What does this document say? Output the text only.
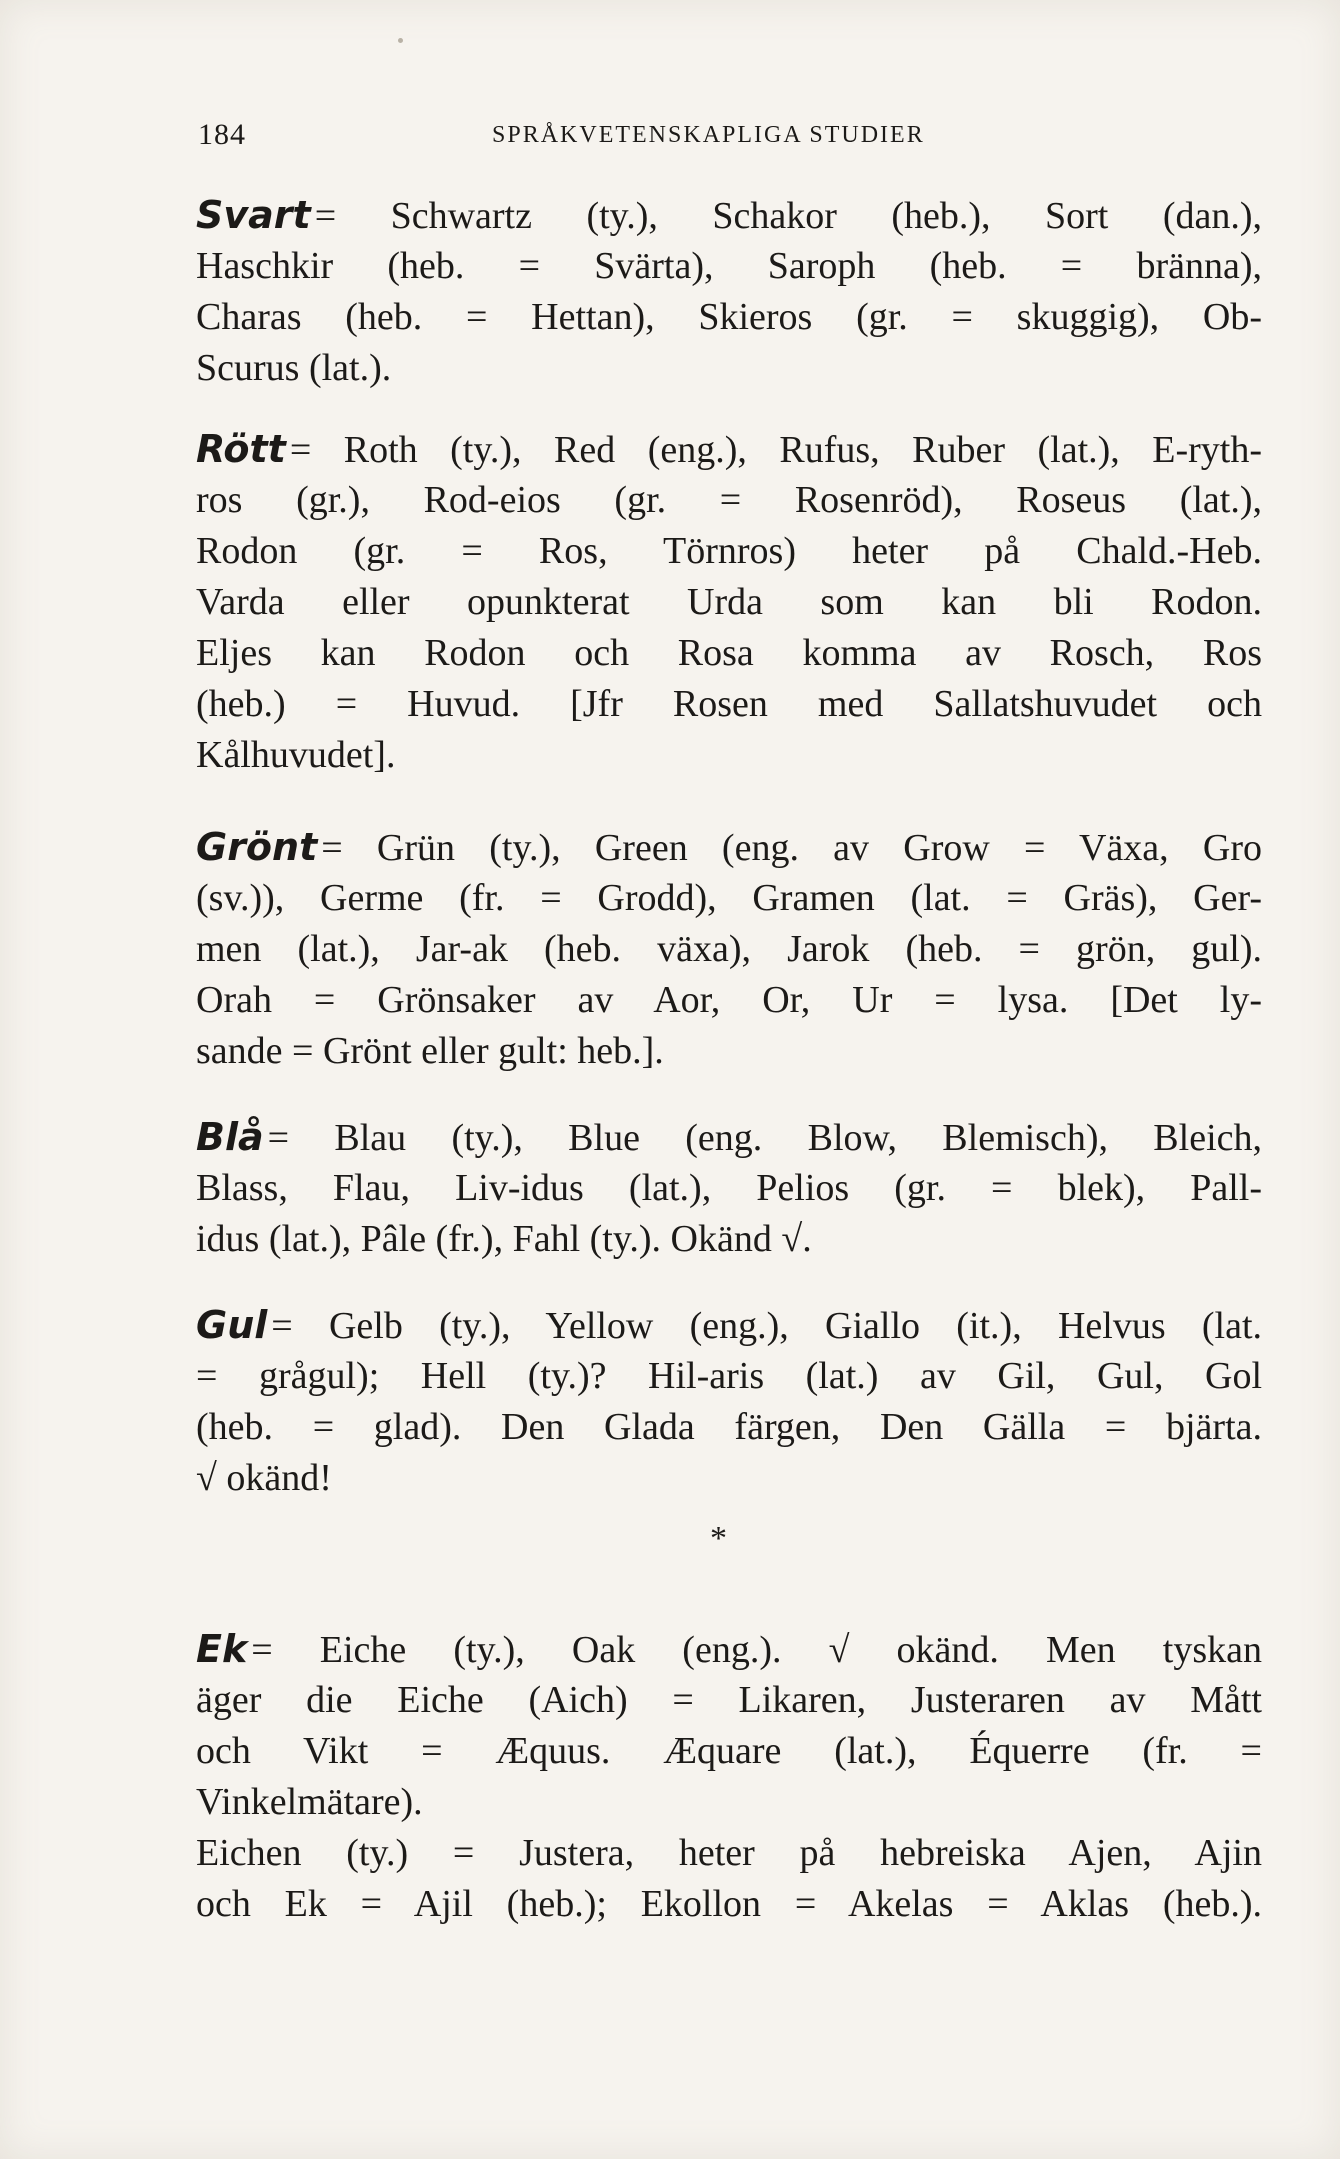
184	SPRÅKVETENSKAPLIGA STUDIER
Svart = Schwartz (ty.), Schakor (heb.), Sort (dan.),
Haschkir (heb. = Svärta), Saroph (heb. = bränna),
Charas (heb. = Hettan), Skieros (gr. = skuggig), Ob-
Scurus (lat.).
Rött = Roth (ty.), Red (eng.), Rufus, Ruber (lat.), E-ryth-
ros (gr.), Rod-eios (gr. = Rosenröd), Roseus (lat.),
Rodon (gr. = Ros, Törnros) heter på Chald.-Heb.
Varda eller opunkterat Urda som kan bli Rodon.
Eljes kan Rodon och Rosa komma av Rosch, Ros
(heb.) = Huvud. [Jfr Rosen med Sallatshuvudet och
Kålhuvudet].
Grönt = Grün (ty.), Green (eng. av Grow = Växa, Gro
(sv.)), Germe (fr. = Grodd), Gramen (lat. = Gräs), Ger-
men (lat.), Jar-ak (heb. växa), Jarok (heb. = grön, gul).
Orah = Grönsaker av Aor, Or, Ur = lysa. [Det ly-
sande = Grönt eller gult: heb.].
Blå = Blau (ty.), Blue (eng. Blow, Blemisch), Bleich,
Blass, Flau, Liv-idus (lat.), Pelios (gr. = blek), Pall-
idus (lat.), Pâle (fr.), Fahl (ty.). Okänd √.
Gul = Gelb (ty.), Yellow (eng.), Giallo (it.), Helvus (lat.
= grågul); Hell (ty.)? Hil-aris (lat.) av Gil, Gul, Gol
(heb. = glad). Den Glada färgen, Den Gälla = bjärta.
√ okänd!
*
Ek = Eiche (ty.), Oak (eng.). √ okänd. Men tyskan
äger die Eiche (Aich) = Likaren, Justeraren av Mått
och Vikt = Æquus. Æquare (lat.), Équerre (fr. =
Vinkelmätare).
Eichen (ty.) = Justera, heter på hebreiska Ajen, Ajin
och Ek = Ajil (heb.); Ekollon = Akelas = Aklas (heb.).
